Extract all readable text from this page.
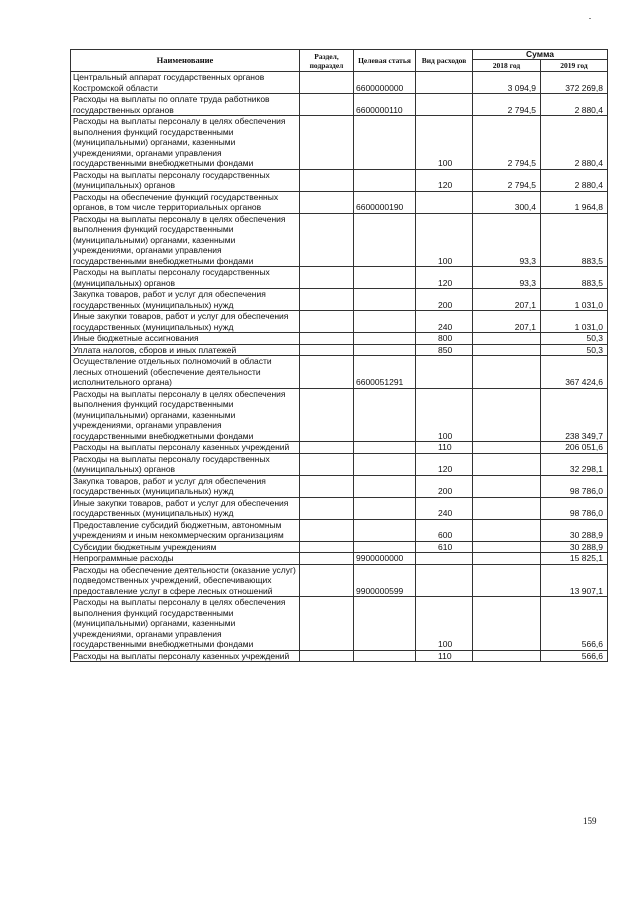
Наименование	Раздел, подраздел	Целевая статья	Вид расходов	Сумма	
				2018 год	2019 год
Центральный аппарат государственных органов Костромской области		6600000000		3 094,9	372 269,8
Расходы на выплаты по оплате труда работников государственных органов		6600000110		2 794,5	2 880,4
Расходы на выплаты персоналу в целях обеспечения выполнения функций государственными (муниципальными) органами, казенными учреждениями, органами управления государственными внебюджетными фондами			100	2 794,5	2 880,4
Расходы на выплаты персоналу государственных (муниципальных) органов			120	2 794,5	2 880,4
Расходы на обеспечение функций государственных органов, в том числе территориальных органов		6600000190		300,4	1 964,8
Расходы на выплаты персоналу в целях обеспечения выполнения функций государственными (муниципальными) органами, казенными учреждениями, органами управления государственными внебюджетными фондами			100	93,3	883,5
Расходы на выплаты персоналу государственных (муниципальных) органов			120	93,3	883,5
Закупка товаров, работ и услуг для обеспечения государственных (муниципальных) нужд			200	207,1	1 031,0
Иные закупки товаров, работ и услуг для обеспечения государственных (муниципальных) нужд			240	207,1	1 031,0
Иные бюджетные ассигнования			800		50,3
Уплата налогов, сборов и иных платежей			850		50,3
Осуществление отдельных полномочий в области лесных отношений (обеспечение деятельности исполнительного органа)		6600051291			367 424,6
Расходы на выплаты персоналу в целях обеспечения выполнения функций государственными (муниципальными) органами, казенными учреждениями, органами управления государственными внебюджетными фондами			100		238 349,7
Расходы на выплаты персоналу казенных учреждений			110		206 051,6
Расходы на выплаты персоналу государственных (муниципальных) органов			120		32 298,1
Закупка товаров, работ и услуг для обеспечения государственных (муниципальных) нужд			200		98 786,0
Иные закупки товаров, работ и услуг для обеспечения государственных (муниципальных) нужд			240		98 786,0
Предоставление субсидий бюджетным, автономным учреждениям и иным некоммерческим организациям			600		30 288,9
Субсидии бюджетным учреждениям			610		30 288,9
Непрограммные расходы		9900000000			15 825,1
Расходы на обеспечение деятельности (оказание услуг) подведомственных учреждений, обеспечивающих предоставление услуг в сфере лесных отношений		9900000599			13 907,1
Расходы на выплаты персоналу в целях обеспечения выполнения функций государственными (муниципальными) органами, казенными учреждениями, органами управления государственными внебюджетными фондами			100		566,6
Расходы на выплаты персоналу казенных учреждений			110		566,6
159
